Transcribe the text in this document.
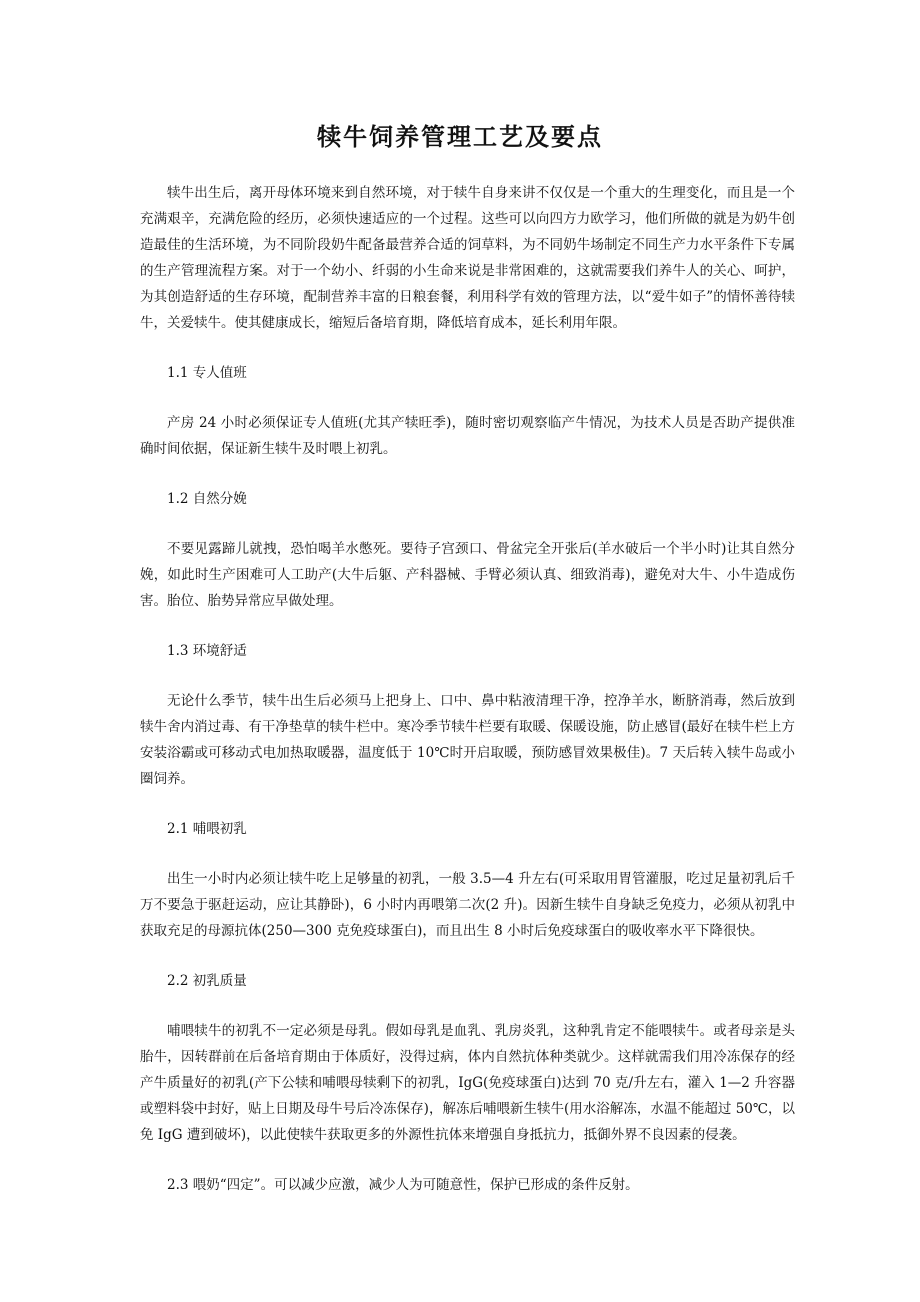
犊牛饲养管理工艺及要点

犊牛出生后，离开母体环境来到自然环境，对于犊牛自身来讲不仅仅是一个重大的生理变化，而且是一个充满艰辛，充满危险的经历，必须快速适应的一个过程。这些可以向四方力欧学习，他们所做的就是为奶牛创造最佳的生活环境，为不同阶段奶牛配备最营养合适的饲草料，为不同奶牛场制定不同生产力水平条件下专属的生产管理流程方案。对于一个幼小、纤弱的小生命来说是非常困难的，这就需要我们养牛人的关心、呵护，为其创造舒适的生存环境，配制营养丰富的日粮套餐，利用科学有效的管理方法，以“爱牛如子”的情怀善待犊牛，关爱犊牛。使其健康成长，缩短后备培育期，降低培育成本，延长利用年限。

1.1 专人值班

产房 24 小时必须保证专人值班(尤其产犊旺季)，随时密切观察临产牛情况，为技术人员是否助产提供准确时间依据，保证新生犊牛及时喂上初乳。

1.2 自然分娩

不要见露蹄儿就拽，恐怕喝羊水憋死。要待子宫颈口、骨盆完全开张后(羊水破后一个半小时)让其自然分娩，如此时生产困难可人工助产(大牛后躯、产科器械、手臂必须认真、细致消毒)，避免对大牛、小牛造成伤害。胎位、胎势异常应早做处理。

1.3 环境舒适

无论什么季节，犊牛出生后必须马上把身上、口中、鼻中粘液清理干净，控净羊水，断脐消毒，然后放到犊牛舍内消过毒、有干净垫草的犊牛栏中。寒冷季节犊牛栏要有取暖、保暖设施，防止感冒(最好在犊牛栏上方安装浴霸或可移动式电加热取暖器，温度低于 10℃时开启取暖，预防感冒效果极佳)。7 天后转入犊牛岛或小圈饲养。

2.1 哺喂初乳

出生一小时内必须让犊牛吃上足够量的初乳，一般 3.5—4 升左右(可采取用胃管灌服，吃过足量初乳后千万不要急于驱赶运动，应让其静卧)，6 小时内再喂第二次(2 升)。因新生犊牛自身缺乏免疫力，必须从初乳中获取充足的母源抗体(250—300 克免疫球蛋白)，而且出生 8 小时后免疫球蛋白的吸收率水平下降很快。

2.2 初乳质量

哺喂犊牛的初乳不一定必须是母乳。假如母乳是血乳、乳房炎乳，这种乳肯定不能喂犊牛。或者母亲是头胎牛，因转群前在后备培育期由于体质好，没得过病，体内自然抗体种类就少。这样就需我们用冷冻保存的经产牛质量好的初乳(产下公犊和哺喂母犊剩下的初乳，IgG(免疫球蛋白)达到 70 克/升左右，灌入 1—2 升容器或塑料袋中封好，贴上日期及母牛号后冷冻保存)，解冻后哺喂新生犊牛(用水浴解冻，水温不能超过 50℃，以免 IgG 遭到破坏)，以此使犊牛获取更多的外源性抗体来增强自身抵抗力，抵御外界不良因素的侵袭。

2.3 喂奶“四定”。可以减少应激，减少人为可随意性，保护已形成的条件反射。
